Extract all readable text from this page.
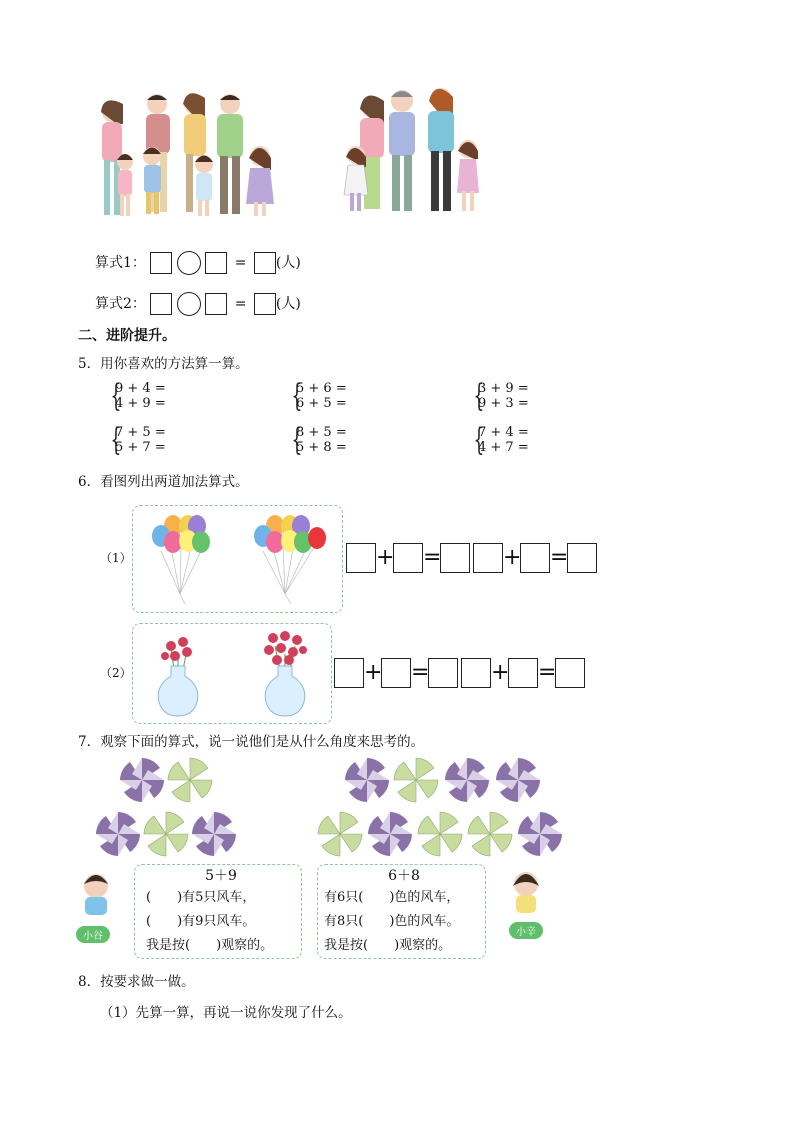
算式1：	= (人)
算式2：	= (人)
二、进阶提升。
5．用你喜欢的方法算一算。
{
9 + 4 =
4 + 9 =	{
5 + 6 =
6 + 5 =	{
3 + 9 =
9 + 3 =
{
7 + 5 =
5 + 7 =	{
8 + 5 =
5 + 8 =	{
7 + 4 =
4 + 7 =
6．看图列出两道加法算式。
（1）	+ =	+ =
（2）	+ =	+ =
7．观察下面的算式，说一说他们是从什么角度来思考的。
小谷
5＋9
(　　)有5只风车，
(　　)有9只风车。
我是按(　　)观察的。
6＋8
有6只(　　)色的风车，
有8只(　　)色的风车。
我是按(　　)观察的。
小辛
8．按要求做一做。
（1）先算一算，再说一说你发现了什么。
